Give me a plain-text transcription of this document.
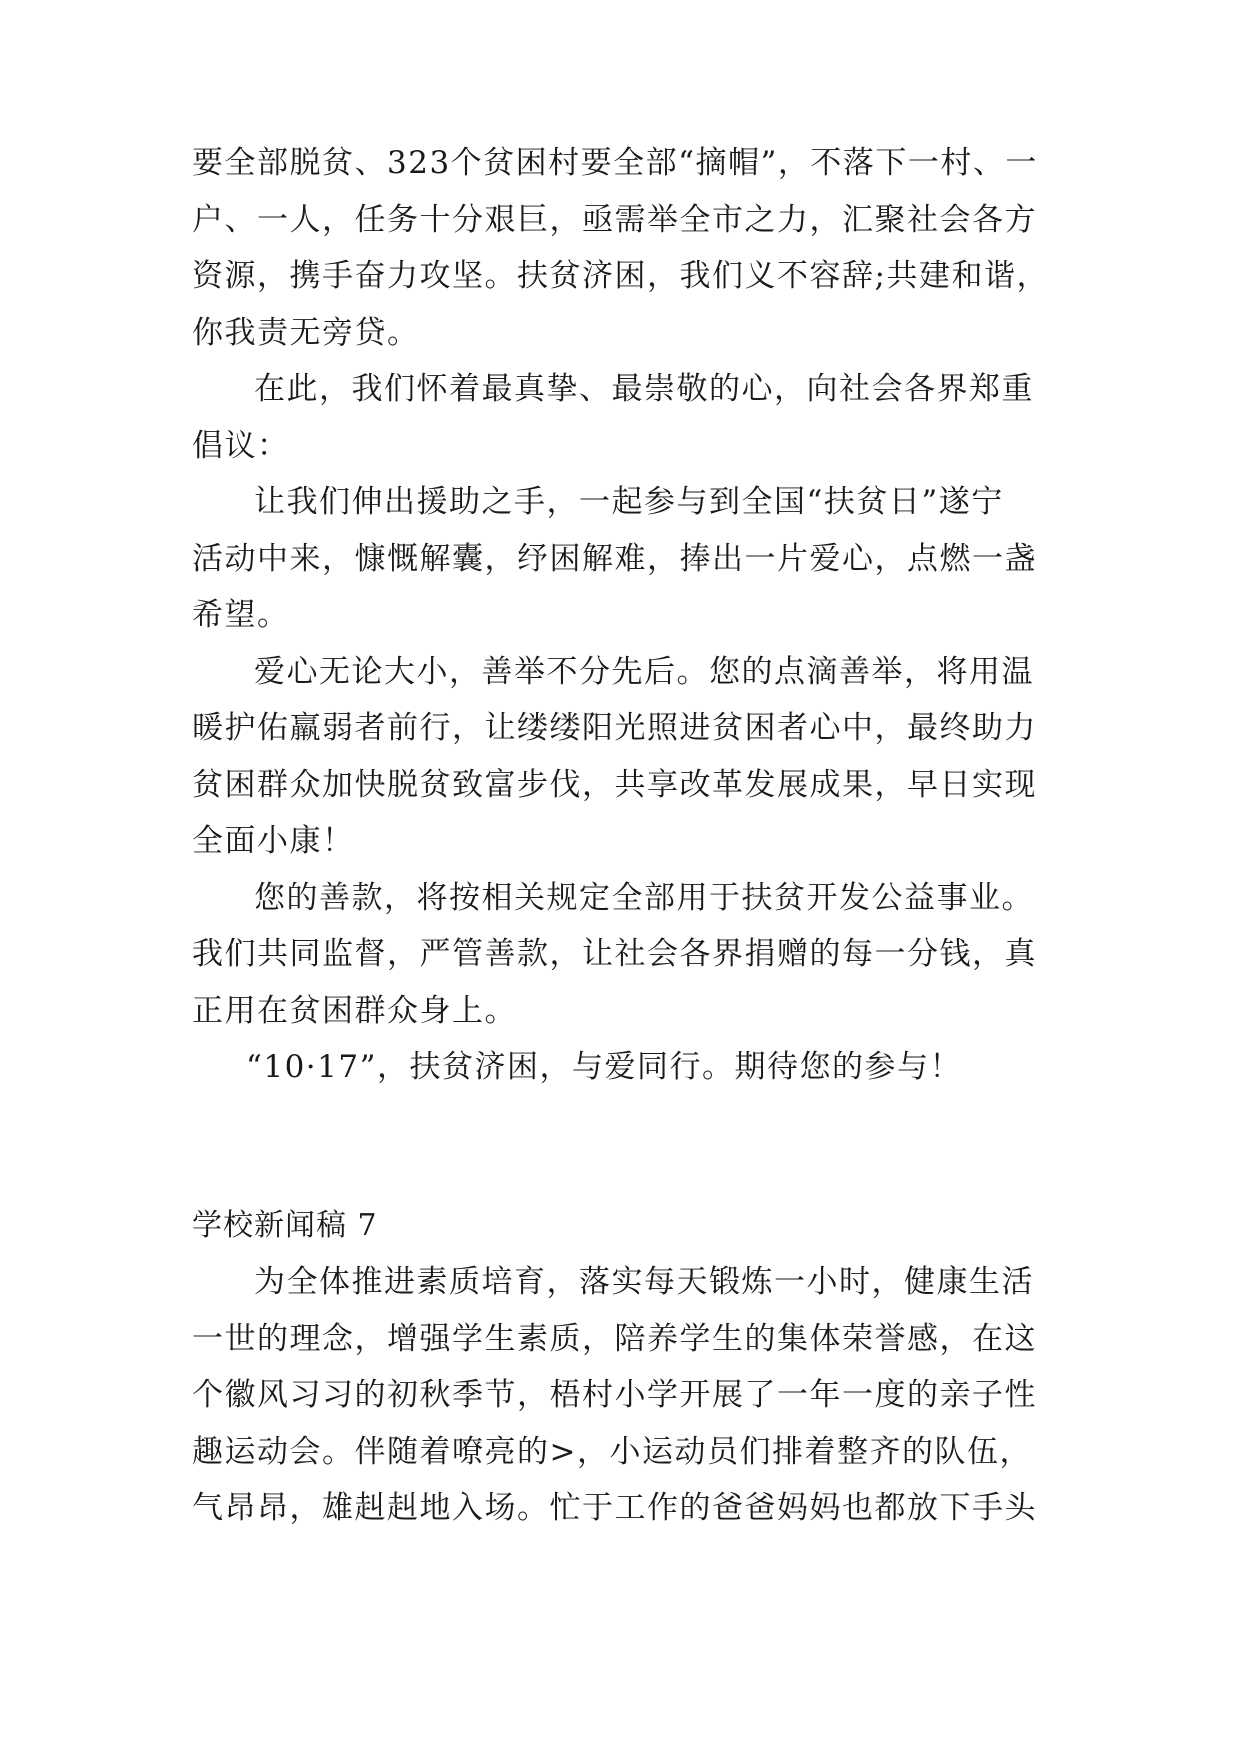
要全部脱贫、323个贫困村要全部“摘帽”，不落下一村、一
户、一人，任务十分艰巨，亟需举全市之力，汇聚社会各方
资源，携手奋力攻坚。扶贫济困，我们义不容辞;共建和谐，
你我责无旁贷。
在此，我们怀着最真挚、最崇敬的心，向社会各界郑重
倡议：
让我们伸出援助之手，一起参与到全国“扶贫日”遂宁
活动中来，慷慨解囊，纾困解难，捧出一片爱心，点燃一盏
希望。
爱心无论大小，善举不分先后。您的点滴善举，将用温
暖护佑羸弱者前行，让缕缕阳光照进贫困者心中，最终助力
贫困群众加快脱贫致富步伐，共享改革发展成果，早日实现
全面小康！
您的善款，将按相关规定全部用于扶贫开发公益事业。
我们共同监督，严管善款，让社会各界捐赠的每一分钱，真
正用在贫困群众身上。
“10·17”，扶贫济困，与爱同行。期待您的参与！
学校新闻稿 7
为全体推进素质培育，落实每天锻炼一小时，健康生活
一世的理念，增强学生素质，陪养学生的集体荣誉感，在这
个徽风习习的初秋季节，梧村小学开展了一年一度的亲子性
趣运动会。伴随着嘹亮的>，小运动员们排着整齐的队伍，
气昂昂，雄赳赳地入场。忙于工作的爸爸妈妈也都放下手头
